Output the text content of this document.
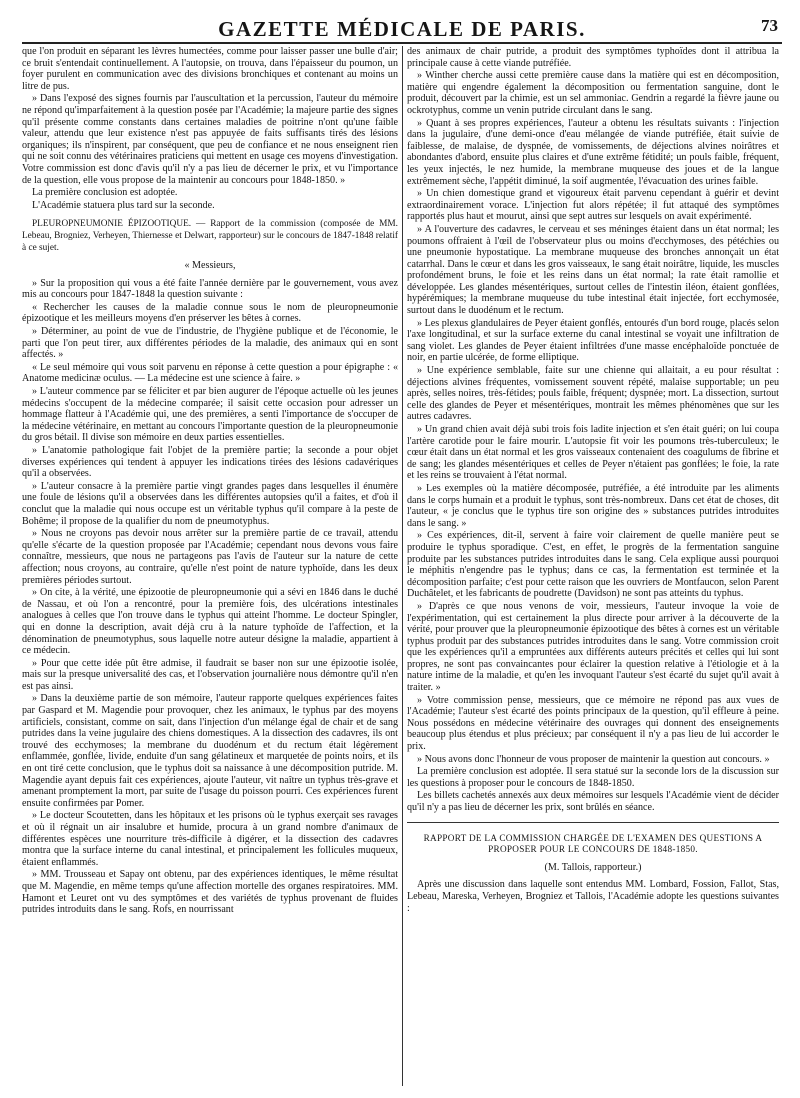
GAZETTE MÉDICALE DE PARIS.	73

que l'on produit en séparant les lèvres humectées, comme pour laisser passer une bulle d'air; ce bruit s'entendait continuellement. A l'autopsie, on trouva, dans l'épaisseur du poumon, un foyer purulent en communication avec des divisions bronchiques et contenant au moins un litre de pus.

» Dans l'exposé des signes fournis par l'auscultation et la percussion, l'auteur du mémoire ne répond qu'imparfaitement à la question posée par l'Académie; la majeure partie des signes qu'il présente comme constants dans certaines maladies de poitrine n'ont qu'une faible valeur, attendu que leur existence n'est pas appuyée de faits suffisants tirés des lésions organiques; ils n'inspirent, par conséquent, que peu de confiance et ne nous enseignent rien qui ne soit connu des vétérinaires praticiens qui mettent en usage ces moyens d'investigation. Votre commission est donc d'avis qu'il n'y a pas lieu de décerner le prix, et vu l'importance de la question, elle vous propose de la maintenir au concours pour 1848-1850. »

La première conclusion est adoptée.

L'Académie statuera plus tard sur la seconde.

PLEUROPNEUMONIE ÉPIZOOTIQUE. — Rapport de la commission (composée de MM. Lebeau, Brogniez, Verheyen, Thiernesse et Delwart, rapporteur) sur le concours de 1847-1848 relatif à ce sujet.

« Messieurs,

» Sur la proposition qui vous a été faite l'année dernière par le gouvernement, vous avez mis au concours pour 1847-1848 la question suivante :

« Rechercher les causes de la maladie connue sous le nom de pleuropneumonie épizootique et les meilleurs moyens d'en préserver les bêtes à cornes.

» Déterminer, au point de vue de l'industrie, de l'hygiène publique et de l'économie, le parti que l'on peut tirer, aux différentes périodes de la maladie, des animaux qui en sont affectés. »

« Le seul mémoire qui vous soit parvenu en réponse à cette question a pour épigraphe : « Anatome medicinæ oculus. — La médecine est une science à faire. »

» L'auteur commence par se féliciter et par bien augurer de l'époque actuelle où les jeunes médecins s'occupent de la médecine comparée; il saisit cette occasion pour adresser un hommage flatteur à l'Académie qui, une des premières, a senti l'importance de s'occuper de la médecine vétérinaire, en mettant au concours l'importante question de la pleuropneumonie du gros bétail. Il divise son mémoire en deux parties essentielles.

» L'anatomie pathologique fait l'objet de la première partie; la seconde a pour objet diverses expériences qui tendent à appuyer les indications tirées des lésions cadavériques qu'il a observées.

» L'auteur consacre à la première partie vingt grandes pages dans lesquelles il énumère une foule de lésions qu'il a observées dans les différentes autopsies qu'il a faites, et d'où il conclut que la maladie qui nous occupe est un véritable typhus qu'il compare à la peste de Bohême; il propose de la qualifier du nom de pneumotyphus.

» Nous ne croyons pas devoir nous arrêter sur la première partie de ce travail, attendu qu'elle s'écarte de la question proposée par l'Académie; cependant nous devons vous faire connaître, messieurs, que nous ne partageons pas l'avis de l'auteur sur la nature de cette affection; nous croyons, au contraire, qu'elle n'est point de nature typhoïde, dans les deux premières périodes surtout.

» On cite, à la vérité, une épizootie de pleuropneumonie qui a sévi en 1846 dans le duché de Nassau, et où l'on a rencontré, pour la première fois, des ulcérations intestinales analogues à celles que l'on trouve dans le typhus qui atteint l'homme. Le docteur Spingler, qui en donne la description, avait déjà cru à la nature typhoïde de l'affection, et la dénomination de pneumotyphus, sous laquelle notre auteur désigne la maladie, appartient à ce médecin.

» Pour que cette idée pût être admise, il faudrait se baser non sur une épizootie isolée, mais sur la presque universalité des cas, et l'observation journalière nous démontre qu'il n'en est pas ainsi.

» Dans la deuxième partie de son mémoire, l'auteur rapporte quelques expériences faites par Gaspard et M. Magendie pour provoquer, chez les animaux, le typhus par des moyens artificiels, consistant, comme on sait, dans l'injection d'un mélange égal de chair et de sang putrides dans la veine jugulaire des chiens domestiques. A la dissection des cadavres, ils ont trouvé des ecchymoses; la membrane du duodénum et du rectum était légèrement enflammée, gonflée, livide, enduite d'un sang gélatineux et marquetée de points noirs, et ils en ont tiré cette conclusion, que le typhus doit sa naissance à une décomposition putride. M. Magendie ayant depuis fait ces expériences, ajoute l'auteur, vit naître un typhus très-grave et amenant promptement la mort, par suite de l'usage du poisson pourri. Ces expériences furent ensuite confirmées par Pomer.

» Le docteur Scoutetten, dans les hôpitaux et les prisons où le typhus exerçait ses ravages et où il régnait un air insalubre et humide, procura à un grand nombre d'animaux de différentes espèces une nourriture très-difficile à digérer, et la dissection des cadavres montra que la surface interne du canal intestinal, et principalement les follicules muqueux, étaient enflammés.

» MM. Trousseau et Sapay ont obtenu, par des expériences identiques, le même résultat que M. Magendie, en même temps qu'une affection mortelle des organes respiratoires. MM. Hamont et Leuret ont vu des symptômes et des variétés de typhus provenant de fluides putrides introduits dans le sang. Rofs, en nourrissant

des animaux de chair putride, a produit des symptômes typhoïdes dont il attribua la principale cause à cette viande putréfiée.

» Winther cherche aussi cette première cause dans la matière qui est en décomposition, matière qui engendre également la décomposition ou fermentation sanguine, dont le produit, découvert par la chimie, est un sel ammoniac. Gendrin a regardé la fièvre jaune ou ockrotyphus, comme un venin putride circulant dans le sang.

» Quant à ses propres expériences, l'auteur a obtenu les résultats suivants : l'injection dans la jugulaire, d'une demi-once d'eau mélangée de viande putréfiée, était suivie de faiblesse, de malaise, de dyspnée, de vomissements, de déjections alvines noirâtres et abondantes d'abord, ensuite plus claires et d'une extrême fétidité; un pouls faible, fréquent, les yeux injectés, le nez humide, la membrane muqueuse des joues et de la langue extrêmement sèche, l'appétit diminué, la soif augmentée, l'évacuation des urines faible.

» Un chien domestique grand et vigoureux était parvenu cependant à guérir et devint extraordinairement vorace. L'injection fut alors répétée; il fut attaqué des symptômes rapportés plus haut et mourut, ainsi que sept autres sur lesquels on avait expérimenté.

» A l'ouverture des cadavres, le cerveau et ses méninges étaient dans un état normal; les poumons offraient à l'œil de l'observateur plus ou moins d'ecchymoses, des pétéchies ou une pneumonie hypostatique. La membrane muqueuse des bronches annonçait un état catarrhal. Dans le cœur et dans les gros vaisseaux, le sang était noirâtre, liquide, les muscles profondément bruns, le foie et les reins dans un état normal; la rate était ramollie et développée. Les glandes mésentériques, surtout celles de l'intestin iléon, étaient gonflées, hypérémiques; la membrane muqueuse du tube intestinal était injectée, fort ecchymosée, surtout dans le duodénum et le rectum.

» Les plexus glandulaires de Peyer étaient gonflés, entourés d'un bord rouge, placés selon l'axe longitudinal, et sur la surface externe du canal intestinal se voyait une infiltration de sang violet. Les glandes de Peyer étaient infiltrées d'une masse encéphaloïde ponctuée de noir, en partie ulcérée, de forme elliptique.

» Une expérience semblable, faite sur une chienne qui allaitait, a eu pour résultat : déjections alvines fréquentes, vomissement souvent répété, malaise supportable; un peu après, selles noires, très-fétides; pouls faible, fréquent; dyspnée; mort. La dissection, surtout celle des glandes de Peyer et mésentériques, montrait les mêmes phénomènes que sur les autres cadavres.

» Un grand chien avait déjà subi trois fois ladite injection et s'en était guéri; on lui coupa l'artère carotide pour le faire mourir. L'autopsie fit voir les poumons très-tuberculeux; le cœur était dans un état normal et les gros vaisseaux contenaient des coagulums de fibrine et de sang; les glandes mésentériques et celles de Peyer n'étaient pas gonflées; le foie, la rate et les reins se trouvaient à l'état normal.

» Les exemples où la matière décomposée, putréfiée, a été introduite par les aliments dans le corps humain et a produit le typhus, sont très-nombreux. Dans cet état de choses, dit l'auteur, « je conclus que le typhus tire son origine des » substances putrides introduites dans le sang. »

» Ces expériences, dit-il, servent à faire voir clairement de quelle manière peut se produire le typhus sporadique. C'est, en effet, le progrès de la fermentation sanguine produite par les substances putrides introduites dans le sang. Cela explique aussi pourquoi le méphitis n'engendre pas le typhus; dans ce cas, la fermentation est terminée et la décomposition parfaite; c'est pour cette raison que les ouvriers de Montfaucon, selon Parent Duchâtelet, et les fabricants de poudrette (Davidson) ne sont pas atteints du typhus.

» D'après ce que nous venons de voir, messieurs, l'auteur invoque la voie de l'expérimentation, qui est certainement la plus directe pour arriver à la découverte de la vérité, pour prouver que la pleuropneumonie épizootique des bêtes à cornes est un véritable typhus produit par des substances putrides introduites dans le sang. Votre commission croit que les expériences qu'il a empruntées aux différents auteurs précités et celles qui lui sont propres, ne sont pas convaincantes pour éclairer la question relative à l'étiologie et à la nature intime de la maladie, et qu'en les invoquant l'auteur s'est écarté du sujet qu'il avait à traiter. »

» Votre commission pense, messieurs, que ce mémoire ne répond pas aux vues de l'Académie; l'auteur s'est écarté des points principaux de la question, qu'il effleure à peine. Nous possédons en médecine vétérinaire des ouvrages qui donnent des enseignements beaucoup plus étendus et plus précieux; par conséquent il n'y a pas lieu de lui accorder le prix.

» Nous avons donc l'honneur de vous proposer de maintenir la question aut concours. »

La première conclusion est adoptée. Il sera statué sur la seconde lors de la discussion sur les questions à proposer pour le concours de 1848-1850.

Les billets cachetés annexés aux deux mémoires sur lesquels l'Académie vient de décider qu'il n'y a pas lieu de décerner les prix, sont brûlés en séance.

RAPPORT DE LA COMMISSION CHARGÉE DE L'EXAMEN DES QUESTIONS A PROPOSER POUR LE CONCOURS DE 1848-1850.

(M. Tallois, rapporteur.)

Après une discussion dans laquelle sont entendus MM. Lombard, Fossion, Fallot, Stas, Lebeau, Mareska, Verheyen, Brogniez et Tallois, l'Académie adopte les questions suivantes :
